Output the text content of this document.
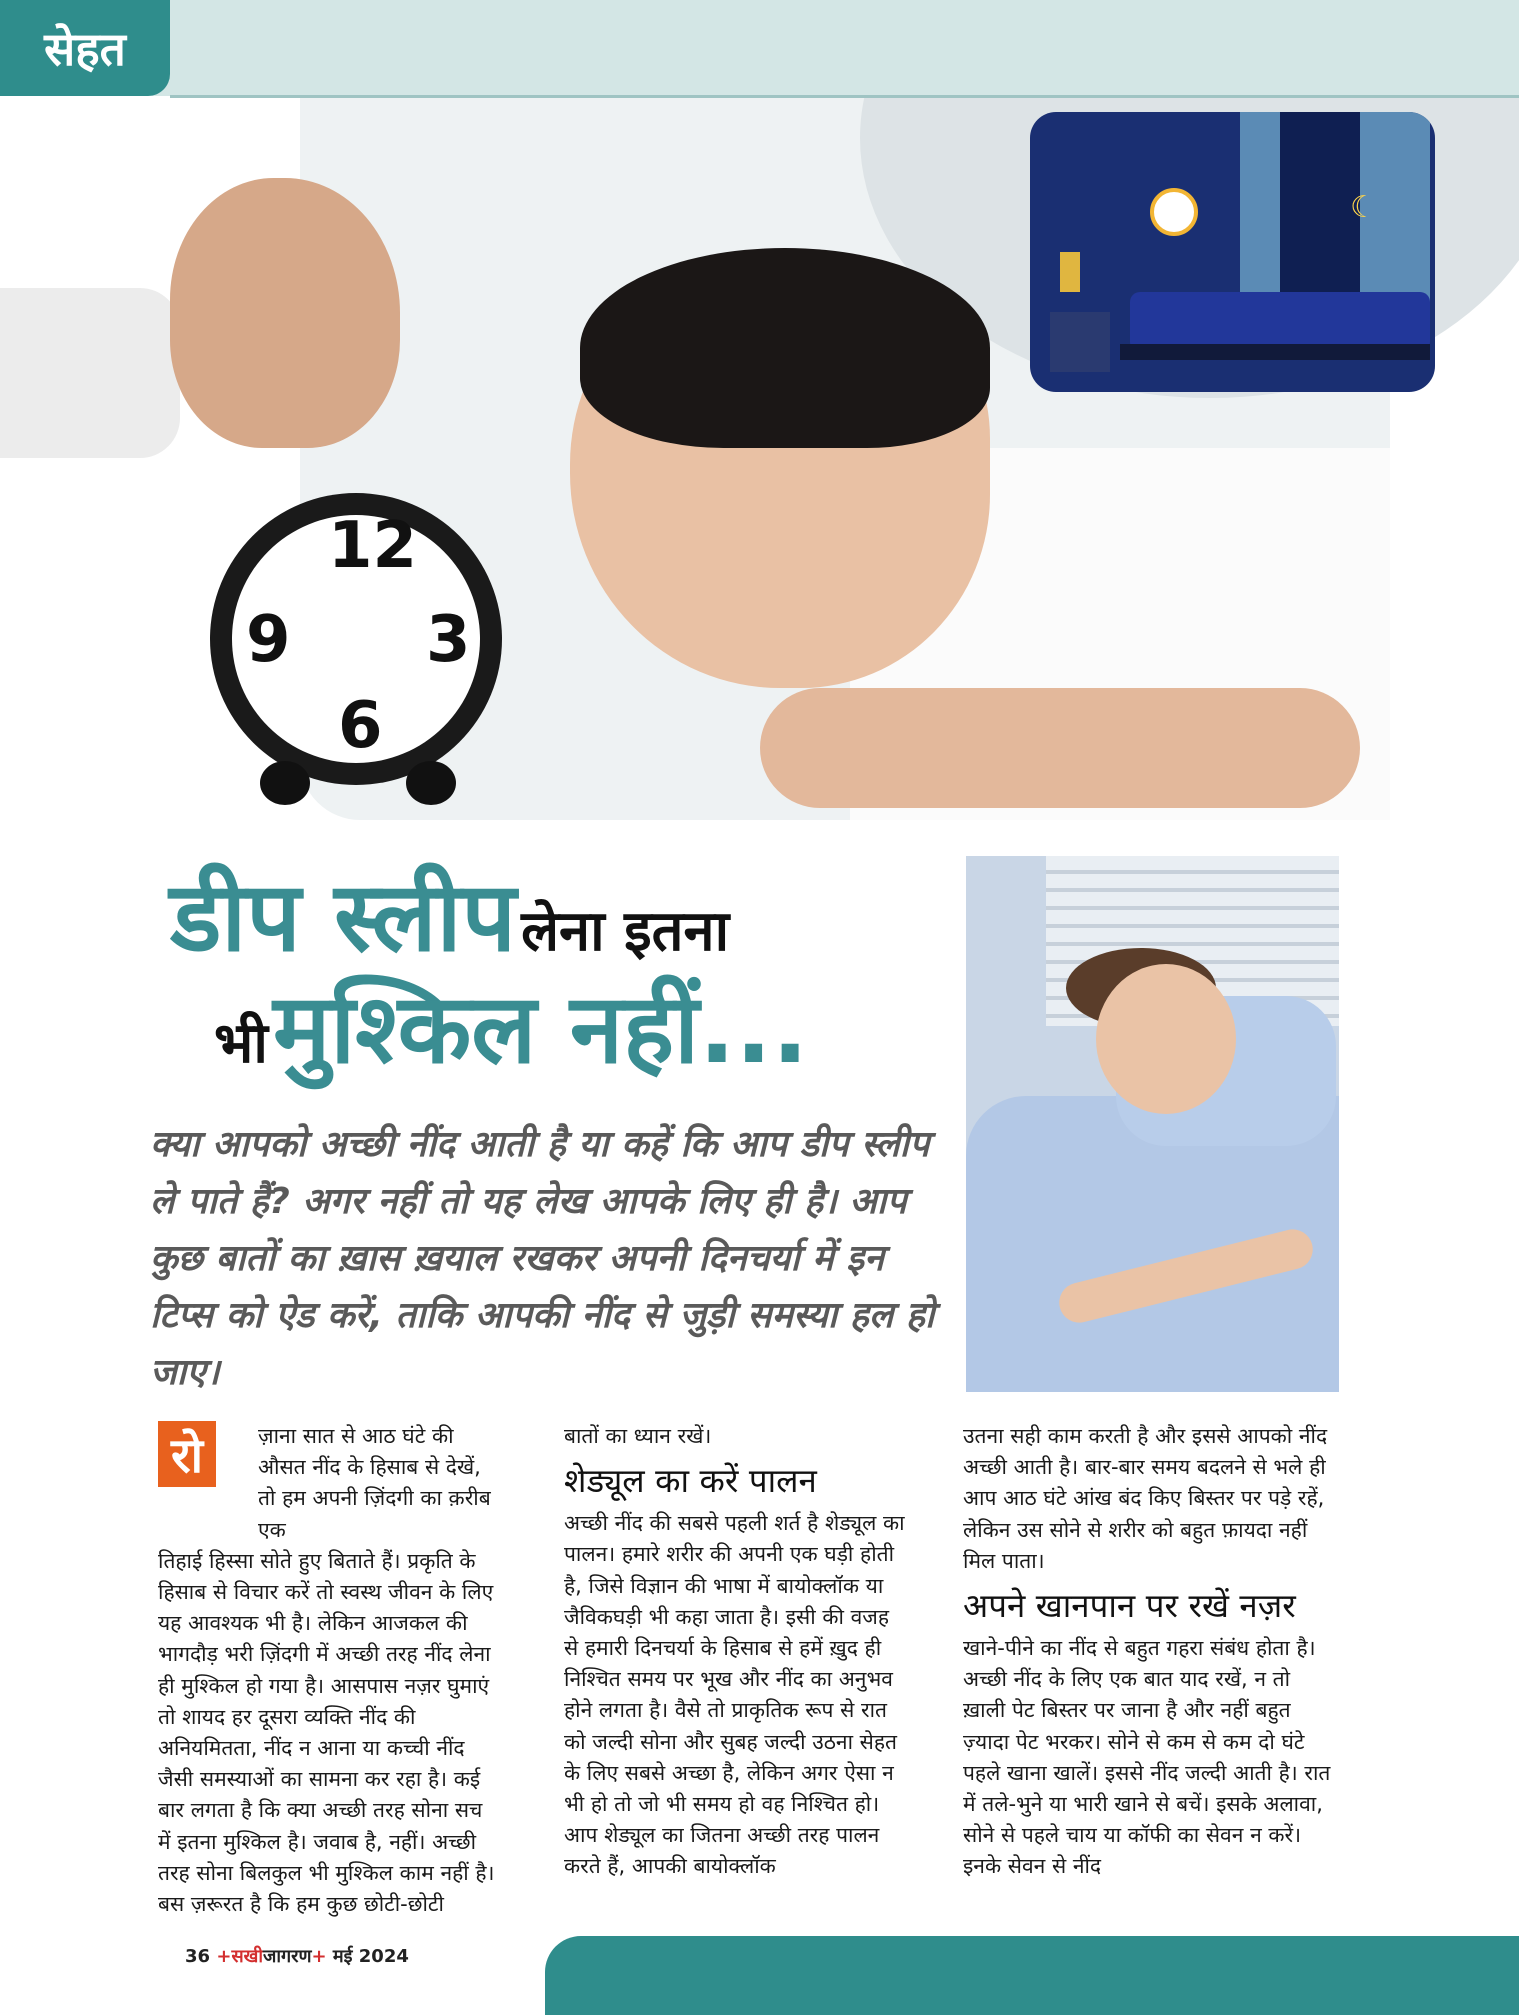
सेहत
12
3
6
9
☾
डीप स्लीप लेना इतना
भी मुश्किल नहीं...
क्या आपको अच्छी नींद आती है या कहें कि आप डीप स्लीप ले पाते हैं? अगर नहीं तो यह लेख आपके लिए ही है। आप कुछ बातों का ख़ास ख़याल रखकर अपनी दिनचर्या में इन टिप्स को ऐड करें, ताकि आपकी नींद से जुड़ी समस्या हल हो जाए।
रो	ज़ाना सात से आठ घंटे की औसत नींद के हिसाब से देखें, तो हम अपनी ज़िंदगी का क़रीब एक

तिहाई हिस्सा सोते हुए बिताते हैं। प्रकृति के हिसाब से विचार करें तो स्वस्थ जीवन के लिए यह आवश्यक भी है। लेकिन आजकल की भागदौड़ भरी ज़िंदगी में अच्छी तरह नींद लेना ही मुश्किल हो गया है। आसपास नज़र घुमाएं तो शायद हर दूसरा व्यक्ति नींद की अनियमितता, नींद न आना या कच्ची नींद जैसी समस्याओं का सामना कर रहा है। कई बार लगता है कि क्या अच्छी तरह सोना सच में इतना मुश्किल है। जवाब है, नहीं। अच्छी तरह सोना बिलकुल भी मुश्किल काम नहीं है। बस ज़रूरत है कि हम कुछ छोटी-छोटी

बातों का ध्यान रखें।

शेड्यूल का करें पालन

अच्छी नींद की सबसे पहली शर्त है शेड्यूल का पालन। हमारे शरीर की अपनी एक घड़ी होती है, जिसे विज्ञान की भाषा में बायोक्लॉक या जैविकघड़ी भी कहा जाता है। इसी की वजह से हमारी दिनचर्या के हिसाब से हमें ख़ुद ही निश्चित समय पर भूख और नींद का अनुभव होने लगता है। वैसे तो प्राकृतिक रूप से रात को जल्दी सोना और सुबह जल्दी उठना सेहत के लिए सबसे अच्छा है, लेकिन अगर ऐसा न भी हो तो जो भी समय हो वह निश्चित हो। आप शेड्यूल का जितना अच्छी तरह पालन करते हैं, आपकी बायोक्लॉक

उतना सही काम करती है और इससे आपको नींद अच्छी आती है। बार-बार समय बदलने से भले ही आप आठ घंटे आंख बंद किए बिस्तर पर पड़े रहें, लेकिन उस सोने से शरीर को बहुत फ़ायदा नहीं मिल पाता।

अपने खानपान पर रखें नज़र

खाने-पीने का नींद से बहुत गहरा संबंध होता है। अच्छी नींद के लिए एक बात याद रखें, न तो ख़ाली पेट बिस्तर पर जाना है और नहीं बहुत ज़्यादा पेट भरकर। सोने से कम से कम दो घंटे पहले खाना खालें। इससे नींद जल्दी आती है। रात में तले-भुने या भारी खाने से बचें। इसके अलावा, सोने से पहले चाय या कॉफी का सेवन न करें। इनके सेवन से नींद

36 +सखीजागरण+ मई 2024
